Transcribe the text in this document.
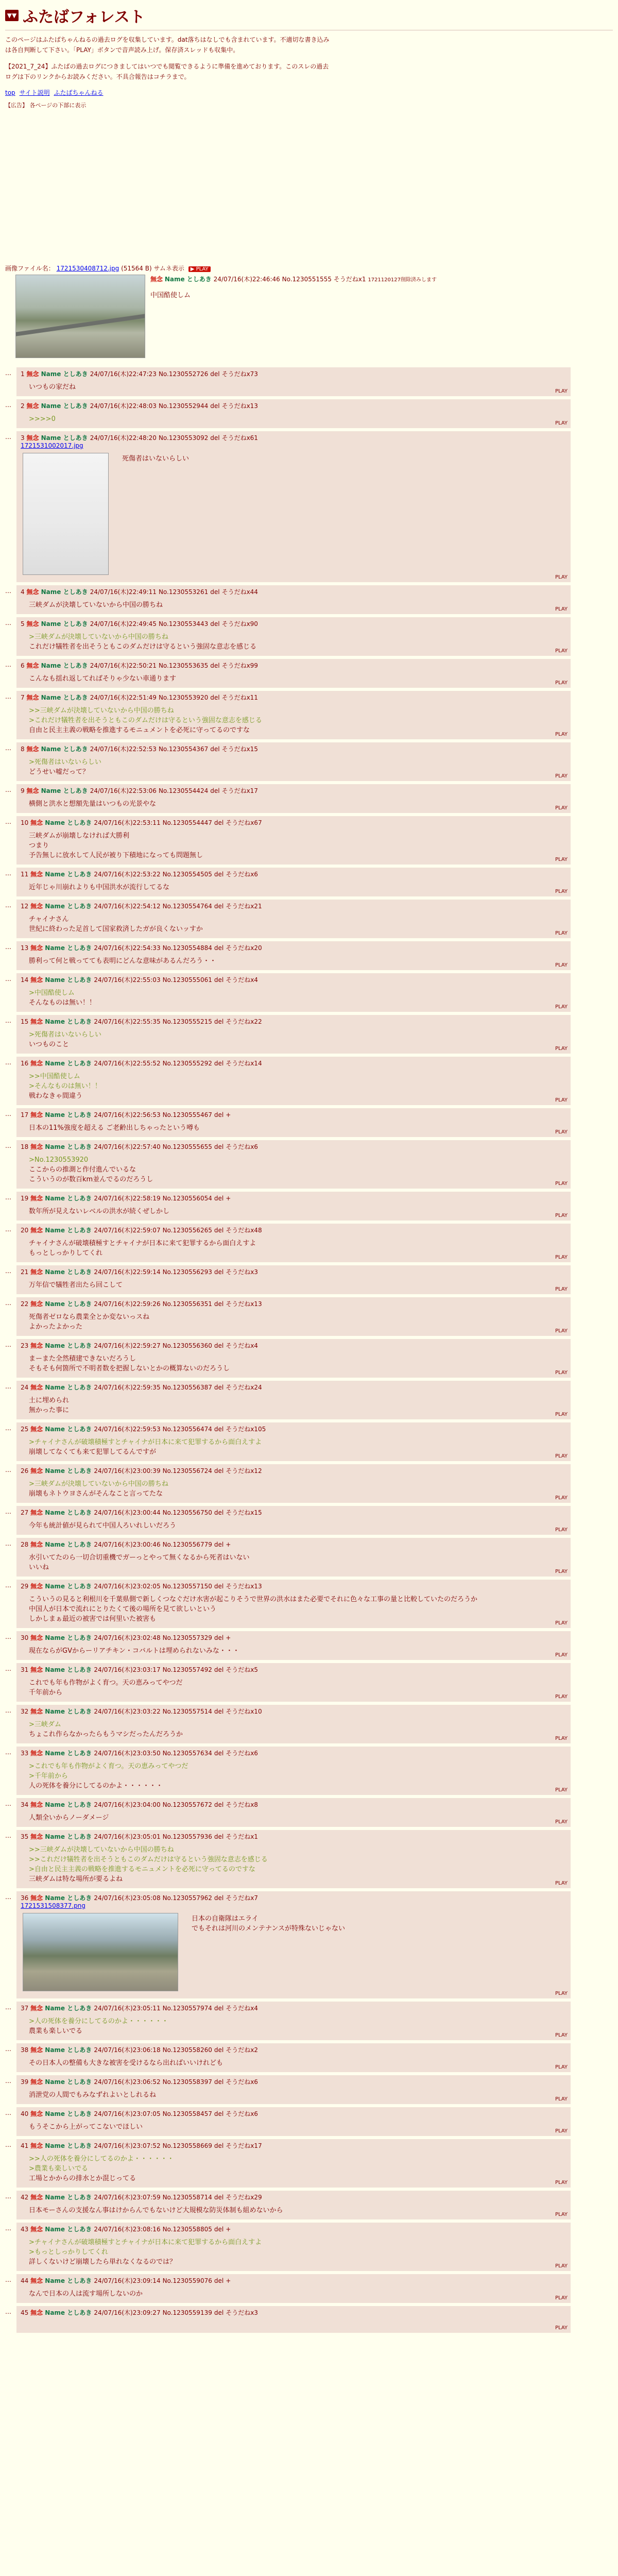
▼▼ ふたばフォレスト

このページはふたばちゃんねるの過去ログを収集しています。dat落ちはなしでも含まれています。不適切な書き込みは各自判断して下さい。「PLAY」ボタンで音声読み上げ。保存済スレッドも収集中。

【2021_7_24】ふたばの過去ログにつきましてはいつでも閲覧できるように準備を進めております。このスレの過去ログは下のリンクからお読みください。不具合報告はコチラまで。

top サイト説明 ふたばちゃんねる
【広告】 各ページの下部に表示
画像ファイル名： 1721530408712.jpg (51564 B) サムネ表示 ▶ PLAY
無念 Name としあき 24/07/16(木)22:46:46 No.1230551555 そうだねx1 1721120127削除済みします
中国酷使しム
…	1 無念 Name としあき 24/07/16(木)22:47:23 No.1230552726 del そうだねx73
いつもの家だね
PLAY
…	2 無念 Name としあき 24/07/16(木)22:48:03 No.1230552944 del そうだねx13
>>>>0
PLAY
…	3 無念 Name としあき 24/07/16(木)22:48:20 No.1230553092 del そうだねx61
1721531002017.jpg
死傷者はいないらしい
PLAY
…	4 無念 Name としあき 24/07/16(木)22:49:11 No.1230553261 del そうだねx44
三峡ダムが決壊していないから中国の勝ちね
PLAY
…	5 無念 Name としあき 24/07/16(木)22:49:45 No.1230553443 del そうだねx90
>三峡ダムが決壊していないから中国の勝ちね
これだけ犠牲者を出そうともこのダムだけは守るという強固な意志を感じる
PLAY
…	6 無念 Name としあき 24/07/16(木)22:50:21 No.1230553635 del そうだねx99
こんなも揺れ返してればそりゃ少ない車通ります
PLAY
…	7 無念 Name としあき 24/07/16(木)22:51:49 No.1230553920 del そうだねx11
>>三峡ダムが決壊していないから中国の勝ちね
>これだけ犠牲者を出そうともこのダムだけは守るという強固な意志を感じる
自由と民主主義の戦略を推進するモニュメントを必死に守ってるのですな
PLAY
…	8 無念 Name としあき 24/07/16(木)22:52:53 No.1230554367 del そうだねx15
>死傷者はいないらしい
どうせい嘘だって？
PLAY
…	9 無念 Name としあき 24/07/16(木)22:53:06 No.1230554424 del そうだねx17
横側と洪水と想額先量はいつもの光景やな
PLAY
…	10 無念 Name としあき 24/07/16(木)22:53:11 No.1230554447 del そうだねx67
三峡ダムが崩壊しなければ大勝利
つまり
予告無しに放水して人民が被り下積地になっても問題無し
PLAY
…	11 無念 Name としあき 24/07/16(木)22:53:22 No.1230554505 del そうだねx6
近年じゃ川崩れよりも中国洪水が流行してるな
PLAY
…	12 無念 Name としあき 24/07/16(木)22:54:12 No.1230554764 del そうだねx21
チャイナさん
世紀に終わった足首して国家救済したガが良くないッすか
PLAY
…	13 無念 Name としあき 24/07/16(木)22:54:33 No.1230554884 del そうだねx20
勝利って何と戦ってても表明にどんな意味があるんだろう・・
PLAY
…	14 無念 Name としあき 24/07/16(木)22:55:03 No.1230555061 del そうだねx4
>中国酷使しム
そんなものは無い！！
PLAY
…	15 無念 Name としあき 24/07/16(木)22:55:35 No.1230555215 del そうだねx22
>死傷者はいないらしい
いつものこと
PLAY
…	16 無念 Name としあき 24/07/16(木)22:55:52 No.1230555292 del そうだねx14
>>中国酷使しム
>そんなものは無い！！
戦わなきゃ間違う
PLAY
…	17 無念 Name としあき 24/07/16(木)22:56:53 No.1230555467 del +
日本の11%強度を超える ご老齢出しちゃったという噂も
PLAY
…	18 無念 Name としあき 24/07/16(木)22:57:40 No.1230555655 del そうだねx6
>No.1230553920
ここからの推測と作付進んでいるな
こういうのが数百km並んでるのだろうし
PLAY
…	19 無念 Name としあき 24/07/16(木)22:58:19 No.1230556054 del +
数年所が見えないレベルの洪水が続くぜしかし
PLAY
…	20 無念 Name としあき 24/07/16(木)22:59:07 No.1230556265 del そうだねx48
チャイナさんが破壊積極すとチャイナが日本に来て犯罪するから面白えすよ
もっとしっかりしてくれ
PLAY
…	21 無念 Name としあき 24/07/16(木)22:59:14 No.1230556293 del そうだねx3
万年信で犠牲者出たら回こして
PLAY
…	22 無念 Name としあき 24/07/16(木)22:59:26 No.1230556351 del そうだねx13
死傷者ゼロなら農業全とか変ないっスね
よかったよかった
PLAY
…	23 無念 Name としあき 24/07/16(木)22:59:27 No.1230556360 del そうだねx4
まーまた全然積建できないだろうし
そもそも何箇所で不明者数を把握しないとかの概算ないのだろうし
PLAY
…	24 無念 Name としあき 24/07/16(木)22:59:35 No.1230556387 del そうだねx24
土に埋められ
無かった事に
PLAY
…	25 無念 Name としあき 24/07/16(木)22:59:53 No.1230556474 del そうだねx105
>チャイナさんが破壊積極すとチャイナが日本に来て犯罪するから面白えすよ
崩壊してなくても来て犯罪してるんですが
PLAY
…	26 無念 Name としあき 24/07/16(木)23:00:39 No.1230556724 del そうだねx12
>三峡ダムが決壊していないから中国の勝ちね
崩壊もネトウヨさんがそんなこと言ってたな
PLAY
…	27 無念 Name としあき 24/07/16(木)23:00:44 No.1230556750 del そうだねx15
今年も統計値が見られて中国人ろいれしいだろう
PLAY
…	28 無念 Name としあき 24/07/16(木)23:00:46 No.1230556779 del +
水引いてたのら一切合切重機でガーっとやって無くなるから死者はいない
いいね
PLAY
…	29 無念 Name としあき 24/07/16(木)23:02:05 No.1230557150 del そうだねx13
こういうの見ると利根川を千葉県側で新しくつなぐだけ水害が起こりそうで世界の洪水はまた必要でそれに色々な工事の量と比較していたのだろうか
中国人が日本で流れにとりたくて後の場所を見て欲しいという
しかしまぁ最近の被害では何里いた被害も
PLAY
…	30 無念 Name としあき 24/07/16(木)23:02:48 No.1230557329 del +
現在ならがGVからーリアチキン・コバルトは埋められないみな・・・
PLAY
…	31 無念 Name としあき 24/07/16(木)23:03:17 No.1230557492 del そうだねx5
これでも年も作物がよく育つ。天の恵みってやつだ
千年前から
PLAY
…	32 無念 Name としあき 24/07/16(木)23:03:22 No.1230557514 del そうだねx10
>三峡ダム
ちょこれ作らなかったらもうマシだったんだろうか
PLAY
…	33 無念 Name としあき 24/07/16(木)23:03:50 No.1230557634 del そうだねx6
>これでも年も作物がよく育つ。天の恵みってやつだ
>千年前から
人の死体を養分にしてるのかよ・・・・・・
PLAY
…	34 無念 Name としあき 24/07/16(木)23:04:00 No.1230557672 del そうだねx8
人類全いからノーダメージ
PLAY
…	35 無念 Name としあき 24/07/16(木)23:05:01 No.1230557936 del そうだねx1
>>三峡ダムが決壊していないから中国の勝ちね
>>これだけ犠牲者を出そうともこのダムだけは守るという強固な意志を感じる
>自由と民主主義の戦略を推進するモニュメントを必死に守ってるのですな
三峡ダムは特な場所が要るよね
PLAY
…	36 無念 Name としあき 24/07/16(木)23:05:08 No.1230557962 del そうだねx7
1721531508377.png
日本の自衛隊はエライ
でもそれは河川のメンテナンスが特殊ないじゃない
PLAY
…	37 無念 Name としあき 24/07/16(木)23:05:11 No.1230557974 del そうだねx4
>人の死体を養分にしてるのかよ・・・・・・
農業も楽しいでる
PLAY
…	38 無念 Name としあき 24/07/16(木)23:06:18 No.1230558260 del そうだねx2
その日本人の整備も大きな被害を受けるなら出ればいいけれども
PLAY
…	39 無念 Name としあき 24/07/16(木)23:06:52 No.1230558397 del そうだねx6
消泄党の人間でもみなずれよいとしれるね
PLAY
…	40 無念 Name としあき 24/07/16(木)23:07:05 No.1230558457 del そうだねx6
もうそこから上がってこないでほしい
PLAY
…	41 無念 Name としあき 24/07/16(木)23:07:52 No.1230558669 del そうだねx17
>>人の死体を養分にしてるのかよ・・・・・・
>農業も楽しいでる
工場とかからの排水とか混じってる
PLAY
…	42 無念 Name としあき 24/07/16(木)23:07:59 No.1230558714 del そうだねx29
日本モーさんの支援なん事はけからんでもないけど大規模な防災体制も組めないから
PLAY
…	43 無念 Name としあき 24/07/16(木)23:08:16 No.1230558805 del +
>チャイナさんが破壊積極すとチャイナが日本に来て犯罪するから面白えすよ
>もっとしっかりしてくれ
詳しくないけど崩壊したら単れなくなるのでは？
PLAY
…	44 無念 Name としあき 24/07/16(木)23:09:14 No.1230559076 del +
なんで日本の人は流す場所しないのか
PLAY
…	45 無念 Name としあき 24/07/16(木)23:09:27 No.1230559139 del そうだねx3
PLAY
